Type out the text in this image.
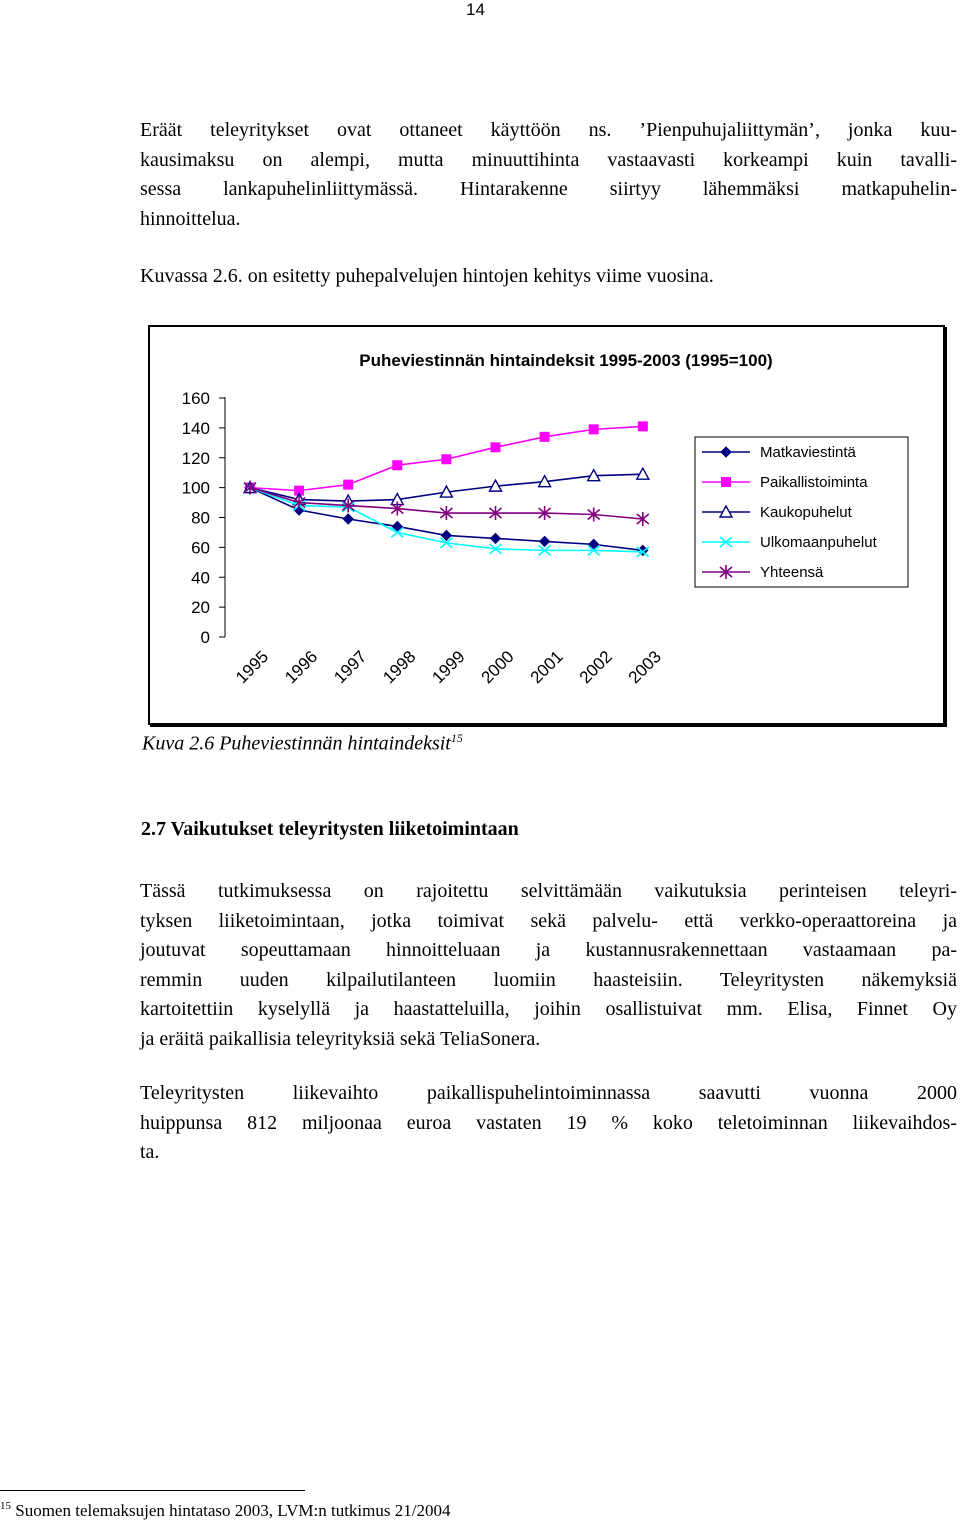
14
Eräät teleyritykset ovat ottaneet käyttöön ns. ’Pienpuhujaliittymän’, jonka kuu-
kausimaksu on alempi, mutta minuuttihinta vastaavasti korkeampi kuin tavalli-
sessa lankapuhelinliittymässä. Hintarakenne siirtyy lähemmäksi matkapuhelin-
hinnoittelua.
Kuvassa 2.6. on esitetty puhepalvelujen hintojen kehitys viime vuosina.
Puheviestinnän hintaindeksit 1995-2003 (1995=100)
0
20
40
60
80
100
120
140
160
1995 1996 1997 1998 1999 2000 2001 2002 2003
Matkaviestintä
Paikallistoiminta
Kaukopuhelut
Ulkomaanpuhelut
Yhteensä
Kuva 2.6 Puheviestinnän hintaindeksit$^{15}$
2.7 Vaikutukset teleyritysten liiketoimintaan
Tässä tutkimuksessa on rajoitettu selvittämään vaikutuksia perinteisen teleyri-
tyksen liiketoimintaan, jotka toimivat sekä palvelu- että verkko-operaattoreina ja
joutuvat sopeuttamaan hinnoitteluaan ja kustannusrakennettaan vastaamaan pa-
remmin uuden kilpailutilanteen luomiin haasteisiin. Teleyritysten näkemyksiä
kartoitettiin kyselyllä ja haastatteluilla, joihin osallistuivat mm. Elisa, Finnet Oy
ja eräitä paikallisia teleyrityksiä sekä TeliaSonera.
Teleyritysten liikevaihto paikallispuhelintoiminnassa saavutti vuonna 2000
huippunsa 812 miljoonaa euroa vastaten 19 % koko teletoiminnan liikevaihdos-
ta.
$^{15}$ Suomen telemaksujen hintataso 2003, LVM:n tutkimus 21/2004
